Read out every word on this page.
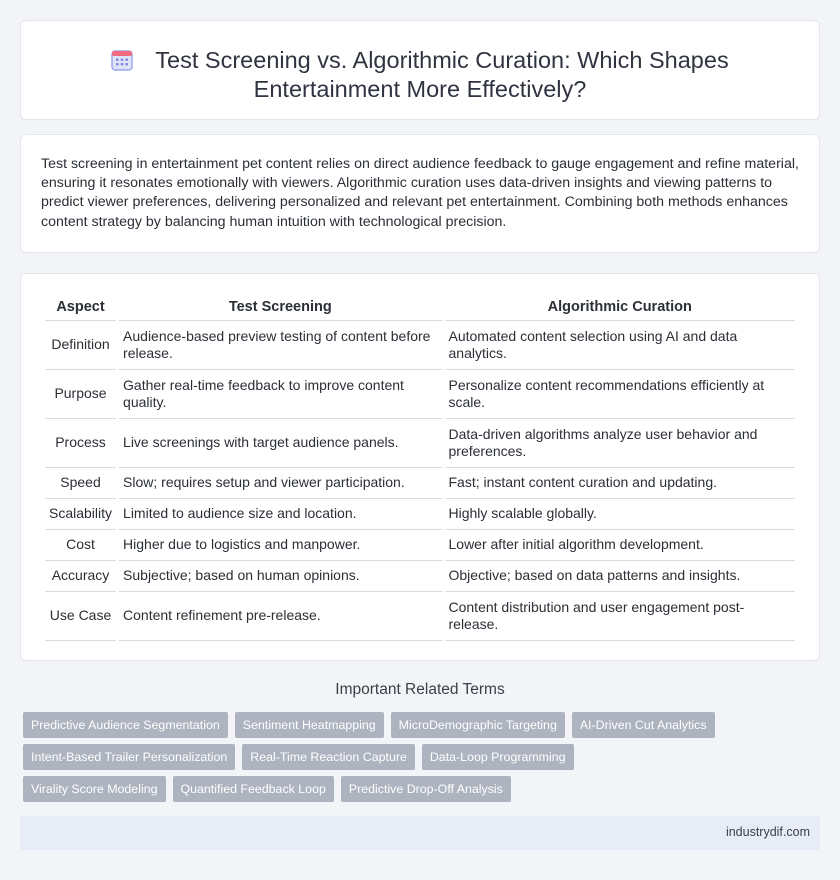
Test Screening vs. Algorithmic Curation: Which Shapes
Entertainment More Effectively?
Test screening in entertainment pet content relies on direct audience feedback to gauge engagement and refine material, ensuring it resonates emotionally with viewers. Algorithmic curation uses data-driven insights and viewing patterns to predict viewer preferences, delivering personalized and relevant pet entertainment. Combining both methods enhances content strategy by balancing human intuition with technological precision.
Aspect	Test Screening	Algorithmic Curation
Definition	Audience-based preview testing of content before release.	Automated content selection using AI and data analytics.
Purpose	Gather real-time feedback to improve content quality.	Personalize content recommendations efficiently at scale.
Process	Live screenings with target audience panels.	Data-driven algorithms analyze user behavior and preferences.
Speed	Slow; requires setup and viewer participation.	Fast; instant content curation and updating.
Scalability	Limited to audience size and location.	Highly scalable globally.
Cost	Higher due to logistics and manpower.	Lower after initial algorithm development.
Accuracy	Subjective; based on human opinions.	Objective; based on data patterns and insights.
Use Case	Content refinement pre-release.	Content distribution and user engagement post-release.
Important Related Terms
Predictive Audience Segmentation	Sentiment Heatmapping	MicroDemographic Targeting	AI-Driven Cut Analytics
Intent-Based Trailer Personalization	Real-Time Reaction Capture	Data-Loop Programming
Virality Score Modeling	Quantified Feedback Loop	Predictive Drop-Off Analysis
industrydif.com
